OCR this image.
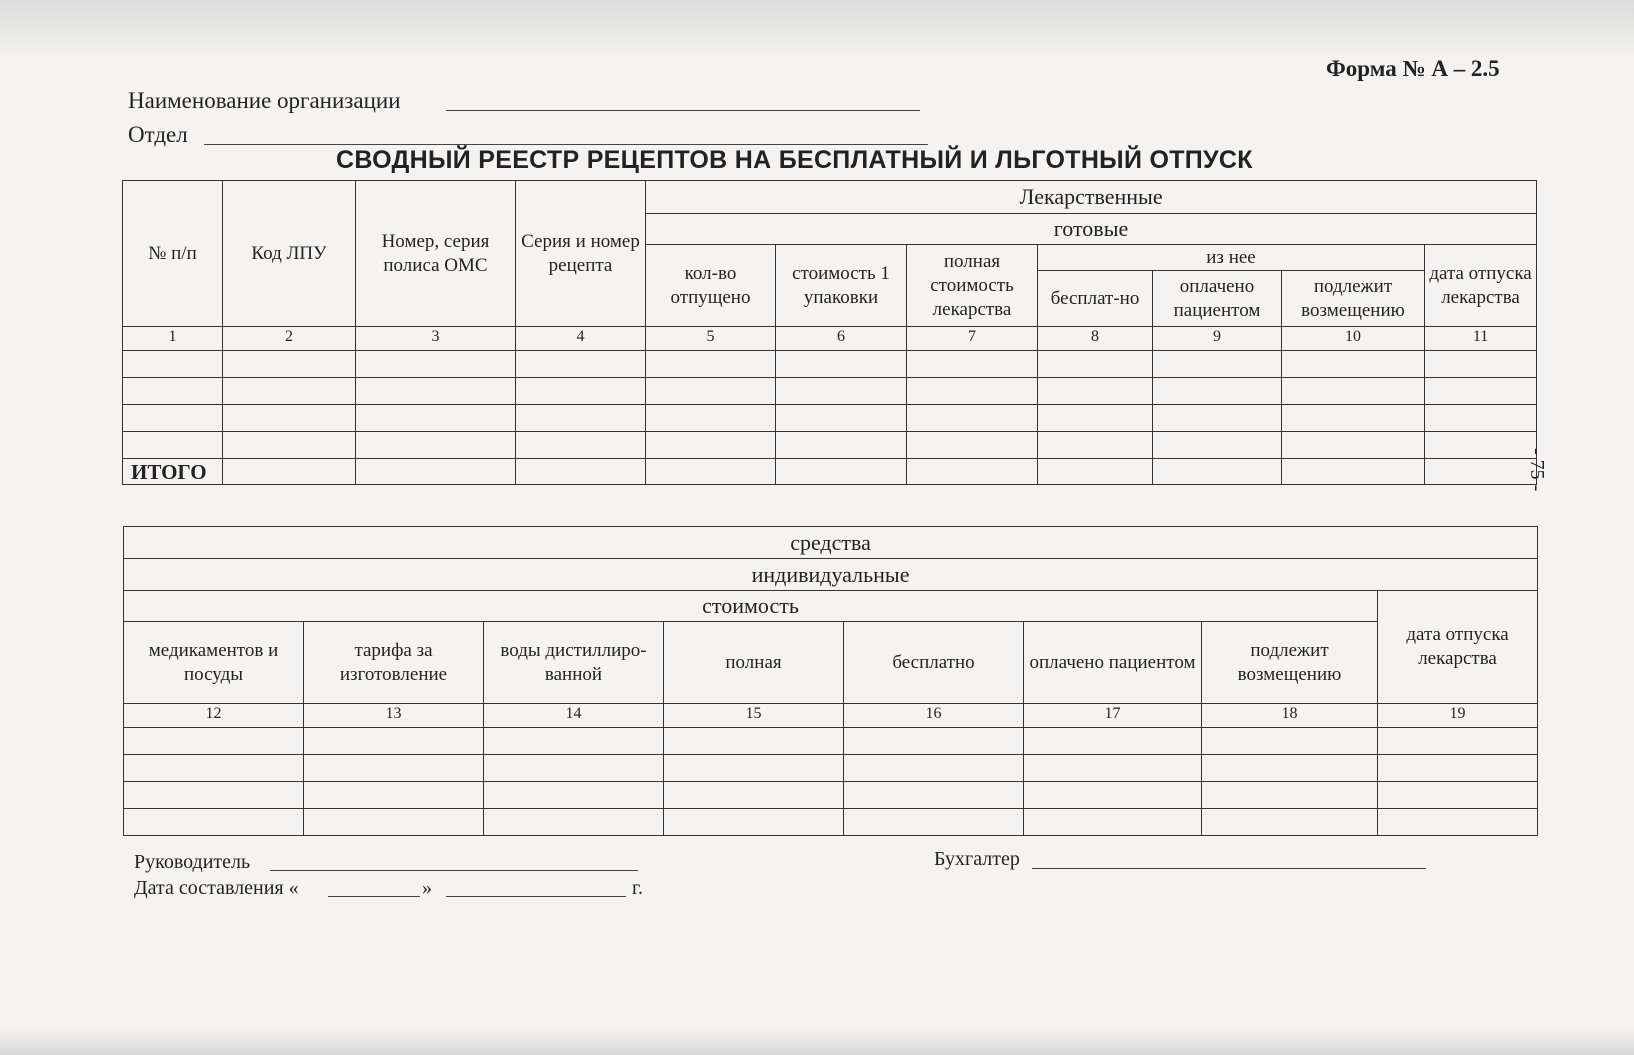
Форма № А – 2.5
Наименование организации
Отдел
СВОДНЫЙ РЕЕСТР РЕЦЕПТОВ НА БЕСПЛАТНЫЙ И ЛЬГОТНЫЙ ОТПУСК
- 75 -
№ п/п	Код ЛПУ	Номер, серия полиса ОМС	Серия и номер рецепта	Лекарственные						
				готовые						
				кол-во отпущено	стоимость 1 упаковки	полная стоимость лекарства	из нее			дата отпуска лекарства
							бесплат-но	оплачено пациентом	подлежит возмещению	
1	2	3	4	5	6	7	8	9	10	11

ИТОГО										
средства							
индивидуальные							
стоимость							дата отпуска лекарства
медикаментов и посуды	тарифа за изготовление	воды дистиллиро-ванной	полная	бесплатно	оплачено пациентом	подлежит возмещению	
12	13	14	15	16	17	18	19

Руководитель	Бухгалтер
Дата составления «	»	г.
